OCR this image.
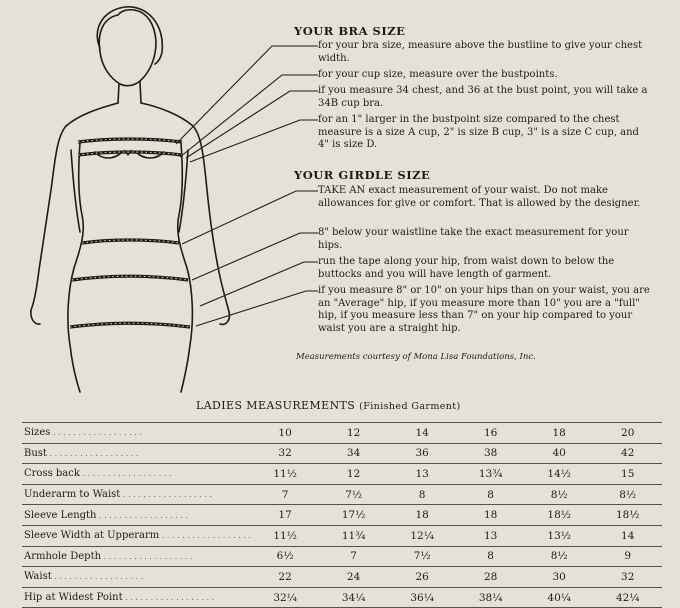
YOUR BRA SIZE
for your bra size, measure above the bustline to give your chest width.
for your cup size, measure over the bustpoints.
if you measure 34 chest, and 36 at the bust point, you will take a 34B cup bra.
for an 1" larger in the bustpoint size compared to the chest measure is a size A cup, 2" is size B cup, 3" is a size C cup, and 4" is size D.
YOUR GIRDLE SIZE
TAKE AN exact measurement of your waist. Do not make allowances for give or comfort. That is allowed by the designer.
8" below your waistline take the exact measurement for your hips.
run the tape along your hip, from waist down to below the buttocks and you will have length of garment.
if you measure 8" or 10" on your hips than on your waist, you are an "Average" hip, if you measure more than 10" you are a "full" hip, if you measure less than 7" on your hip compared to your waist you are a straight hip.
Measurements courtesy of Mona Lisa Foundations, Inc.
LADIES MEASUREMENTS (Finished Garment)
Sizes . . .	10	12	14	16	18	20
Bust . . .	32	34	36	38	40	42
Cross back . . .	11½	12	13	13¾	14½	15
Underarm to Waist . . .	7	7½	8	8	8½	8½
Sleeve Length . . .	17	17½	18	18	18½	18½
Sleeve Width at Upperarm . . .	11½	11¾	12¼	13	13½	14
Armhole Depth . . .	6½	7	7½	8	8½	9
Waist . . .	22	24	26	28	30	32
Hip at Widest Point . . .	32¼	34¼	36¼	38¼	40¼	42¼
